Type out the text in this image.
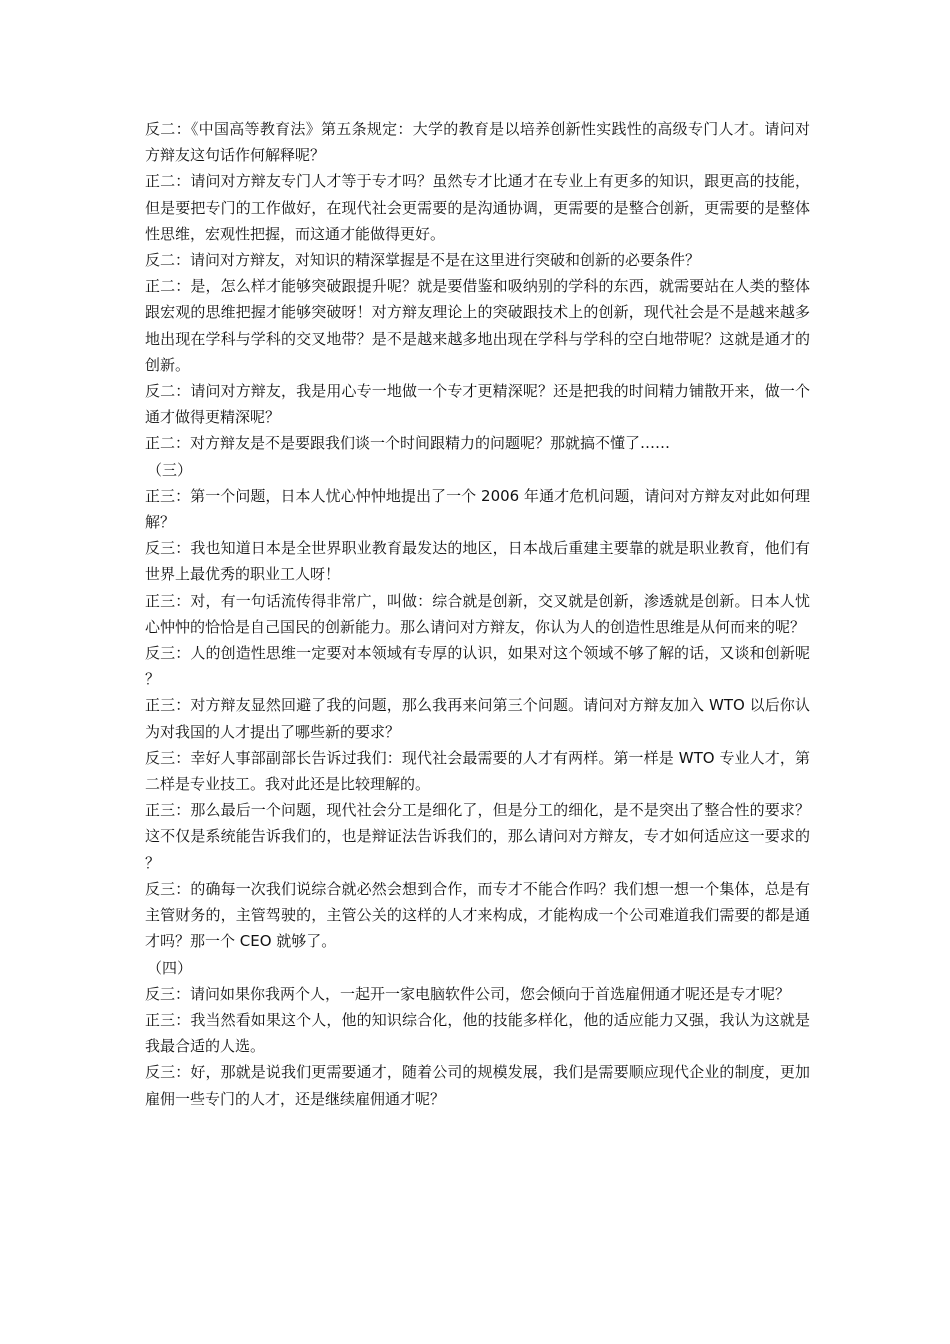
反二：《中国高等教育法》第五条规定：大学的教育是以培养创新性实践性的高级专门人才。请问对方辩友这句话作何解释呢？

正二：请问对方辩友专门人才等于专才吗？虽然专才比通才在专业上有更多的知识，跟更高的技能，但是要把专门的工作做好，在现代社会更需要的是沟通协调，更需要的是整合创新，更需要的是整体性思维，宏观性把握，而这通才能做得更好。

反二：请问对方辩友，对知识的精深掌握是不是在这里进行突破和创新的必要条件？

正二：是，怎么样才能够突破跟提升呢？就是要借鉴和吸纳别的学科的东西，就需要站在人类的整体跟宏观的思维把握才能够突破呀！对方辩友理论上的突破跟技术上的创新，现代社会是不是越来越多地出现在学科与学科的交叉地带？是不是越来越多地出现在学科与学科的空白地带呢？这就是通才的创新。

反二：请问对方辩友，我是用心专一地做一个专才更精深呢？还是把我的时间精力铺散开来，做一个通才做得更精深呢？

正二：对方辩友是不是要跟我们谈一个时间跟精力的问题呢？那就搞不懂了……

（三）

正三：第一个问题，日本人忧心忡忡地提出了一个 2006 年通才危机问题，请问对方辩友对此如何理解？

反三：我也知道日本是全世界职业教育最发达的地区，日本战后重建主要靠的就是职业教育，他们有世界上最优秀的职业工人呀！

正三：对，有一句话流传得非常广，叫做：综合就是创新，交叉就是创新，渗透就是创新。日本人忧心忡忡的恰恰是自己国民的创新能力。那么请问对方辩友，你认为人的创造性思维是从何而来的呢？

反三：人的创造性思维一定要对本领域有专厚的认识，如果对这个领域不够了解的话，又谈和创新呢？

正三：对方辩友显然回避了我的问题，那么我再来问第三个问题。请问对方辩友加入 WTO 以后你认为对我国的人才提出了哪些新的要求？

反三：幸好人事部副部长告诉过我们：现代社会最需要的人才有两样。第一样是 WTO 专业人才，第二样是专业技工。我对此还是比较理解的。

正三：那么最后一个问题，现代社会分工是细化了，但是分工的细化，是不是突出了整合性的要求？这不仅是系统能告诉我们的，也是辩证法告诉我们的，那么请问对方辩友，专才如何适应这一要求的？

反三：的确每一次我们说综合就必然会想到合作，而专才不能合作吗？我们想一想一个集体，总是有主管财务的，主管驾驶的，主管公关的这样的人才来构成，才能构成一个公司难道我们需要的都是通才吗？那一个 CEO 就够了。

（四）

反三：请问如果你我两个人，一起开一家电脑软件公司，您会倾向于首选雇佣通才呢还是专才呢？

正三：我当然看如果这个人，他的知识综合化，他的技能多样化，他的适应能力又强，我认为这就是我最合适的人选。

反三：好，那就是说我们更需要通才，随着公司的规模发展，我们是需要顺应现代企业的制度，更加雇佣一些专门的人才，还是继续雇佣通才呢？
